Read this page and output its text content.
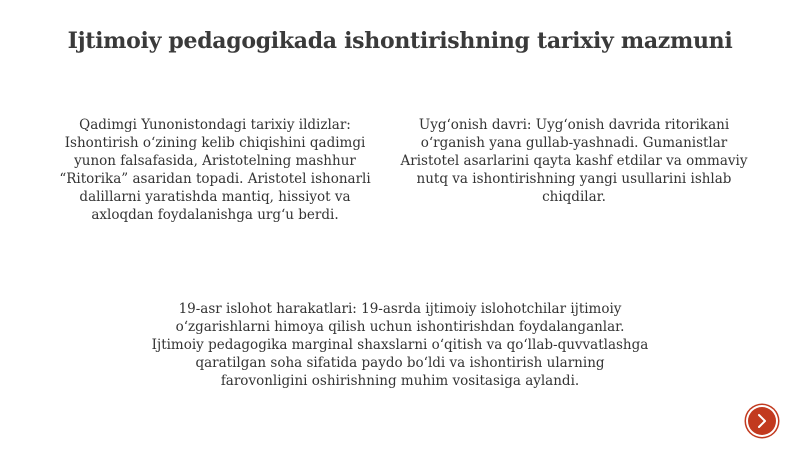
Ijtimoiy pedagogikada ishontirishning tarixiy mazmuni
Qadimgi Yunonistondagi tarixiy ildizlar: Ishontirish o‘zining kelib chiqishini qadimgi yunon falsafasida, Aristotelning mashhur “Ritorika” asaridan topadi. Aristotel ishonarli dalillarni yaratishda mantiq, hissiyot va axloqdan foydalanishga urg‘u berdi.
Uyg‘onish davri: Uyg‘onish davrida ritorikani o‘rganish yana gullab-yashnadi. Gumanistlar Aristotel asarlarini qayta kashf etdilar va ommaviy nutq va ishontirishning yangi usullarini ishlab chiqdilar.
19-asr islohot harakatlari: 19-asrda ijtimoiy islohotchilar ijtimoiy o‘zgarishlarni himoya qilish uchun ishontirishdan foydalanganlar. Ijtimoiy pedagogika marginal shaxslarni o‘qitish va qo‘llab-quvvatlashga qaratilgan soha sifatida paydo bo‘ldi va ishontirish ularning farovonligini oshirishning muhim vositasiga aylandi.
